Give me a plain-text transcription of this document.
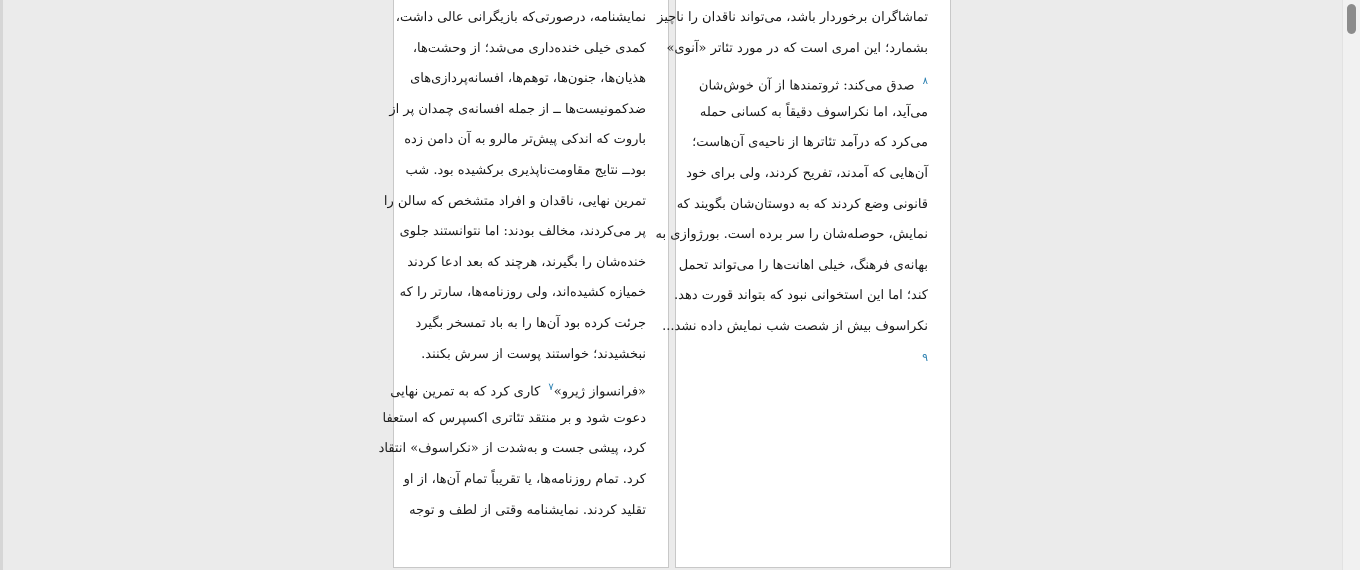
نمایشنامه، درصورتی‌که بازیگرانی عالی داشت،
کمدی خیلی خنده‌داری می‌شد؛ از وحشت‌ها،
هذیان‌ها، جنون‌ها، توهم‌ها، افسانه‌پردازی‌های
ضدکمونیست‌ها ــ از جمله افسانه‌ی چمدان پر از
باروت که اندکی پیش‌تر مالرو به آن دامن زده
بودــ نتایج مقاومت‌ناپذیری برکشیده بود. شب
تمرین نهایی، ناقدان و افراد متشخص که سالن را
پر می‌کردند، مخالف بودند: اما نتوانستند جلوی
خنده‌شان را بگیرند، هرچند که بعد ادعا کردند
خمیازه کشیده‌اند، ولی روزنامه‌ها، سارتر را که
جرئت کرده بود آن‌ها را به باد تمسخر بگیرد
نبخشیدند؛ خواستند پوست از سرش بکنند.
«فرانسواز ژیرو»$^۷$ کاری کرد که به تمرین نهایی
دعوت شود و بر منتقد تئاتری اکسپرس که استعفا
کرد، پیشی جست و به‌شدت از «نکراسوف» انتقاد
کرد. تمام روزنامه‌ها، یا تقریباً تمام آن‌ها، از او
تقلید کردند. نمایشنامه وقتی از لطف و توجه
تماشاگران برخوردار باشد، می‌تواند ناقدان را ناچیز
بشمارد؛ این امری است که در مورد تئاتر «آنوی»
$^۸$ صدق می‌کند: ثروتمندها از آن خوش‌شان
می‌آید، اما نکراسوف دقیقاً به کسانی حمله
می‌کرد که درآمد تئاترها از ناحیه‌ی آن‌هاست؛
آن‌هایی که آمدند، تفریح کردند، ولی برای خود
قانونی وضع کردند که به دوستان‌شان بگویند که
نمایش، حوصله‌شان را سر برده است. بورژوازی به
بهانه‌ی فرهنگ، خیلی اهانت‌ها را می‌تواند تحمل
کند؛ اما این استخوانی نبود که بتواند قورت دهد.
نکراسوف بیش از شصت شب نمایش داده نشد...
۹
